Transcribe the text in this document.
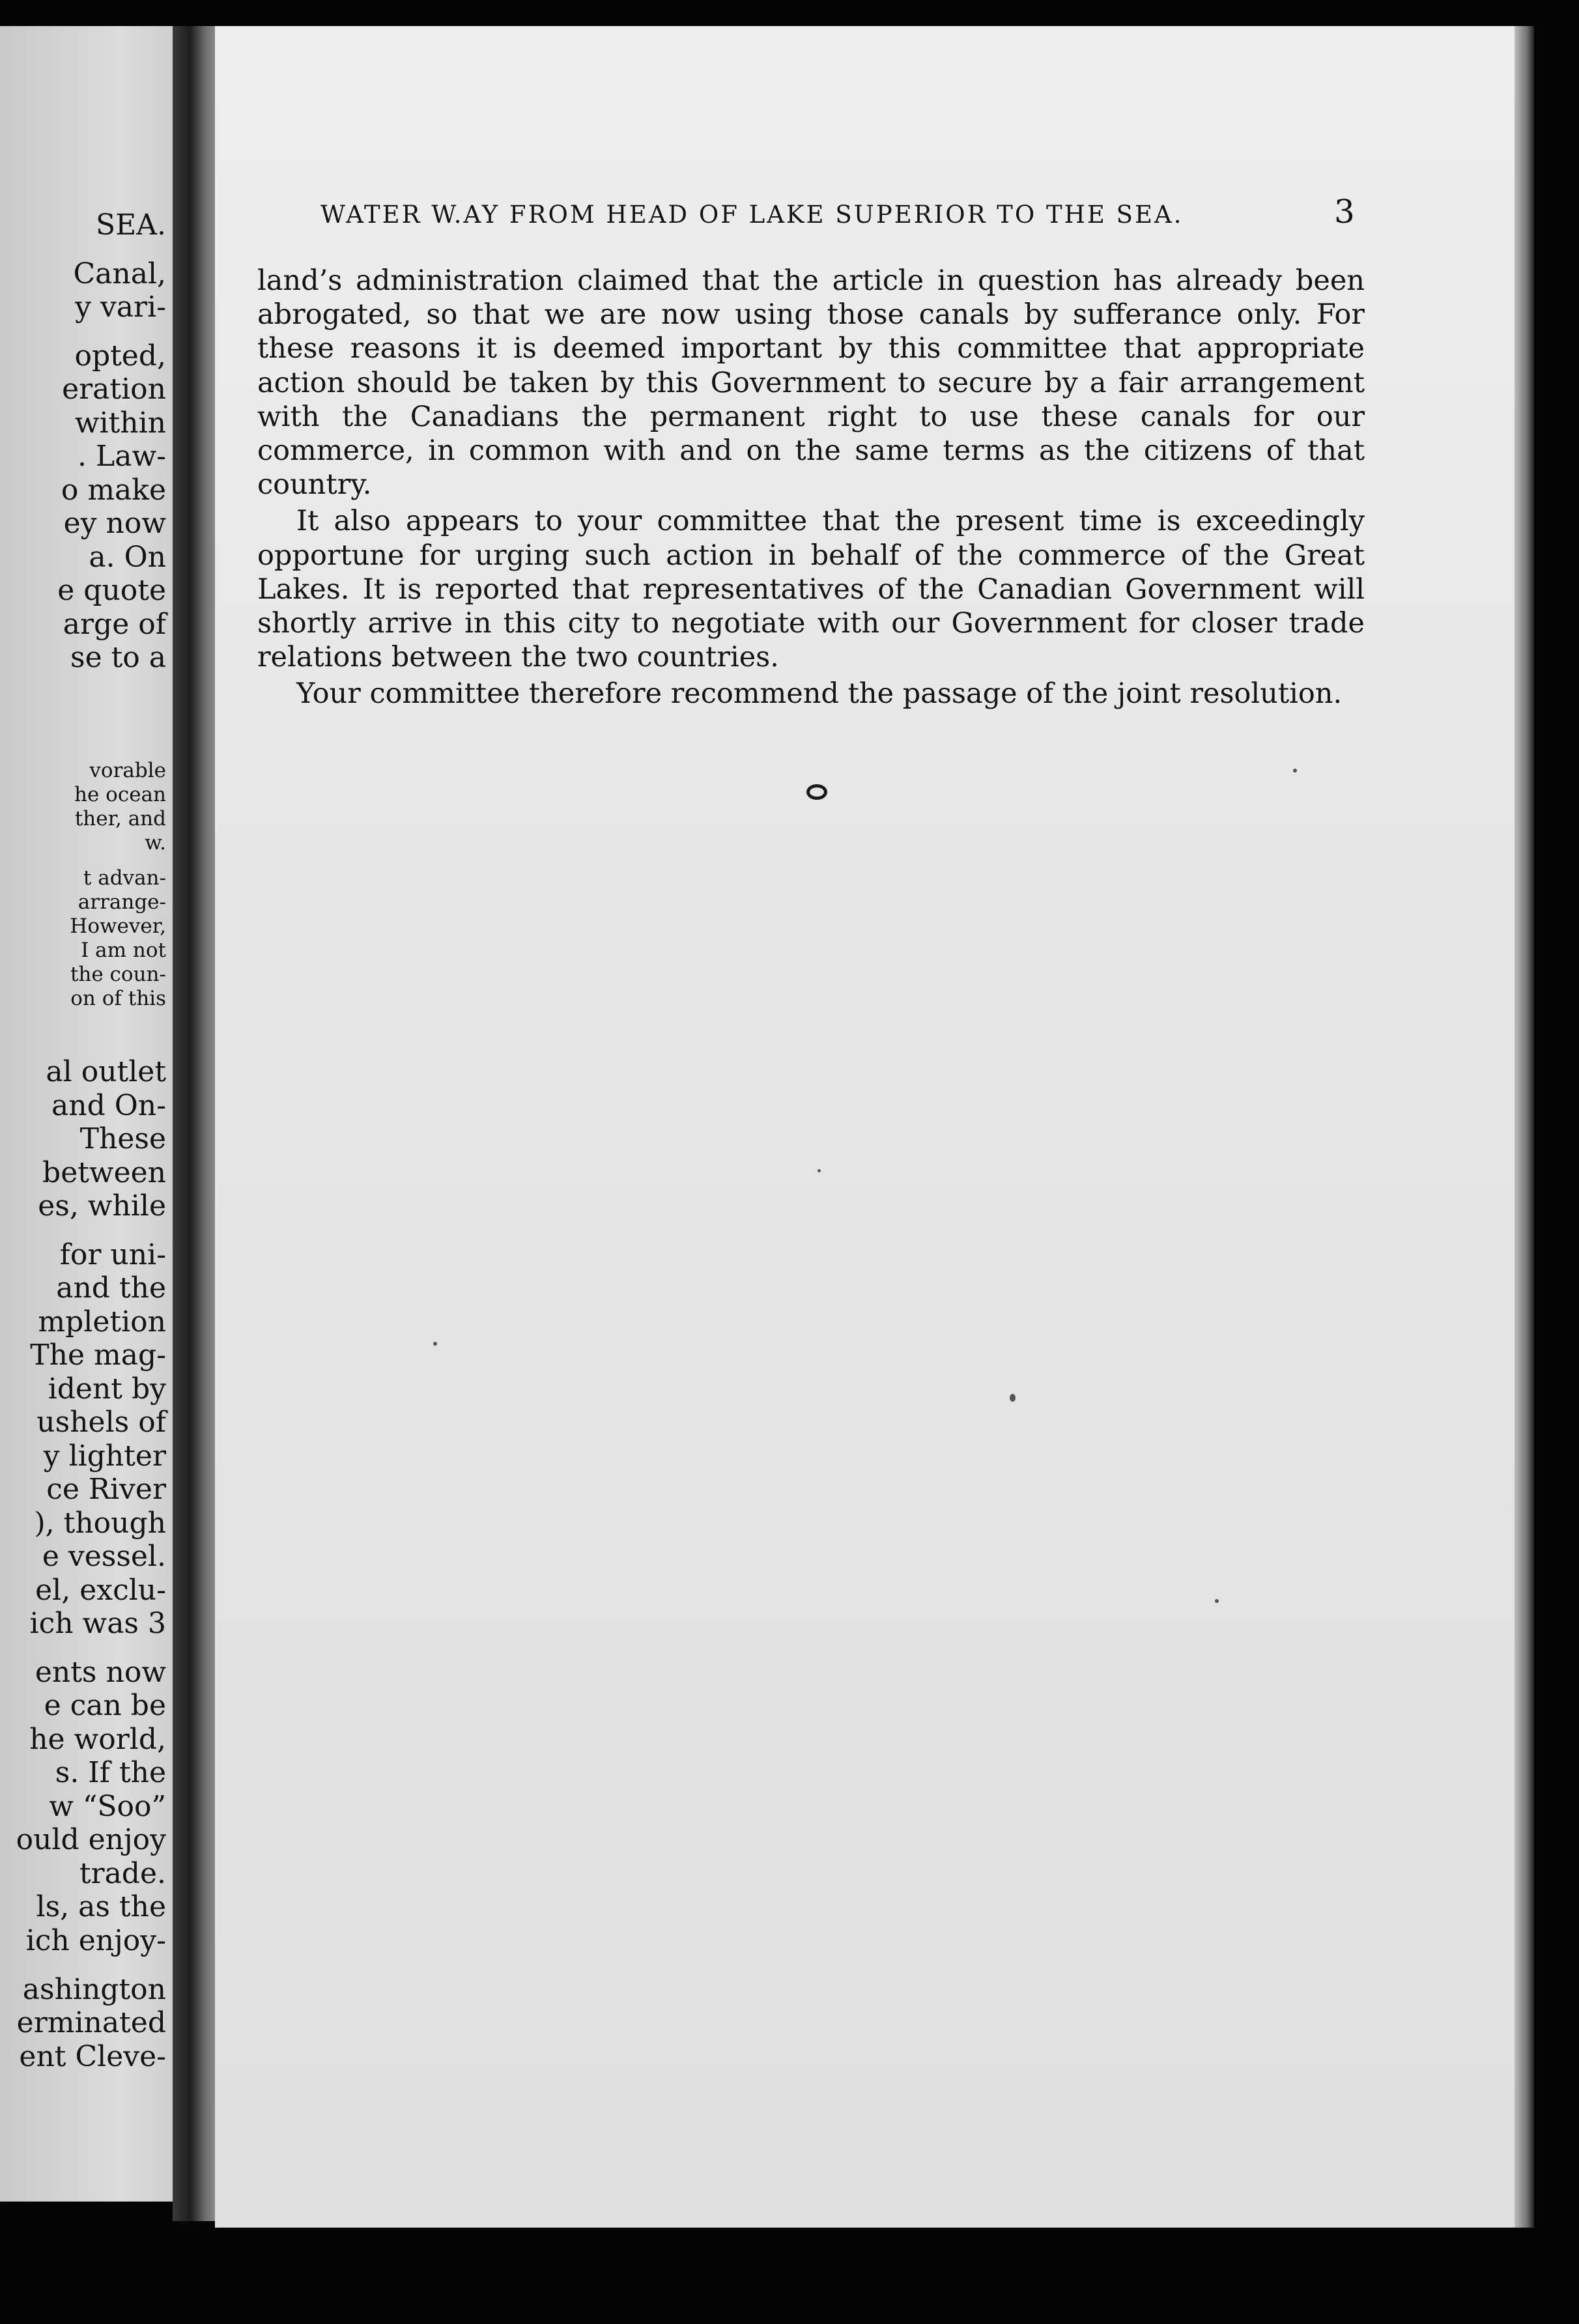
SEA.
Canal,
y vari-
opted,
eration
within
. Law-
o make
ey now
a. On
e quote
arge of
se to a
vorable
he ocean
ther, and
w.
t advan-
arrange-
However,
I am not
the coun-
on of this
al outlet
and On-
These
between
es, while
for uni-
and the
mpletion
The mag-
ident by
ushels of
y lighter
ce River
), though
e vessel.
el, exclu-
ich was 3
ents now
e can be
he world,
s. If the
w “Soo”
ould enjoy
trade.
ls, as the
ich enjoy-
ashington
erminated
ent Cleve-
WATER W.AY FROM HEAD OF LAKE SUPERIOR TO THE SEA.	3

land’s administration claimed that the article in question has already been abrogated, so that we are now using those canals by sufferance only. For these reasons it is deemed important by this committee that appropriate action should be taken by this Government to secure by a fair arrangement with the Canadians the permanent right to use these canals for our commerce, in common with and on the same terms as the citizens of that country.

It also appears to your committee that the present time is exceedingly opportune for urging such action in behalf of the commerce of the Great Lakes. It is reported that representatives of the Canadian Government will shortly arrive in this city to negotiate with our Government for closer trade relations between the two countries.

Your committee therefore recommend the passage of the joint resolution.
